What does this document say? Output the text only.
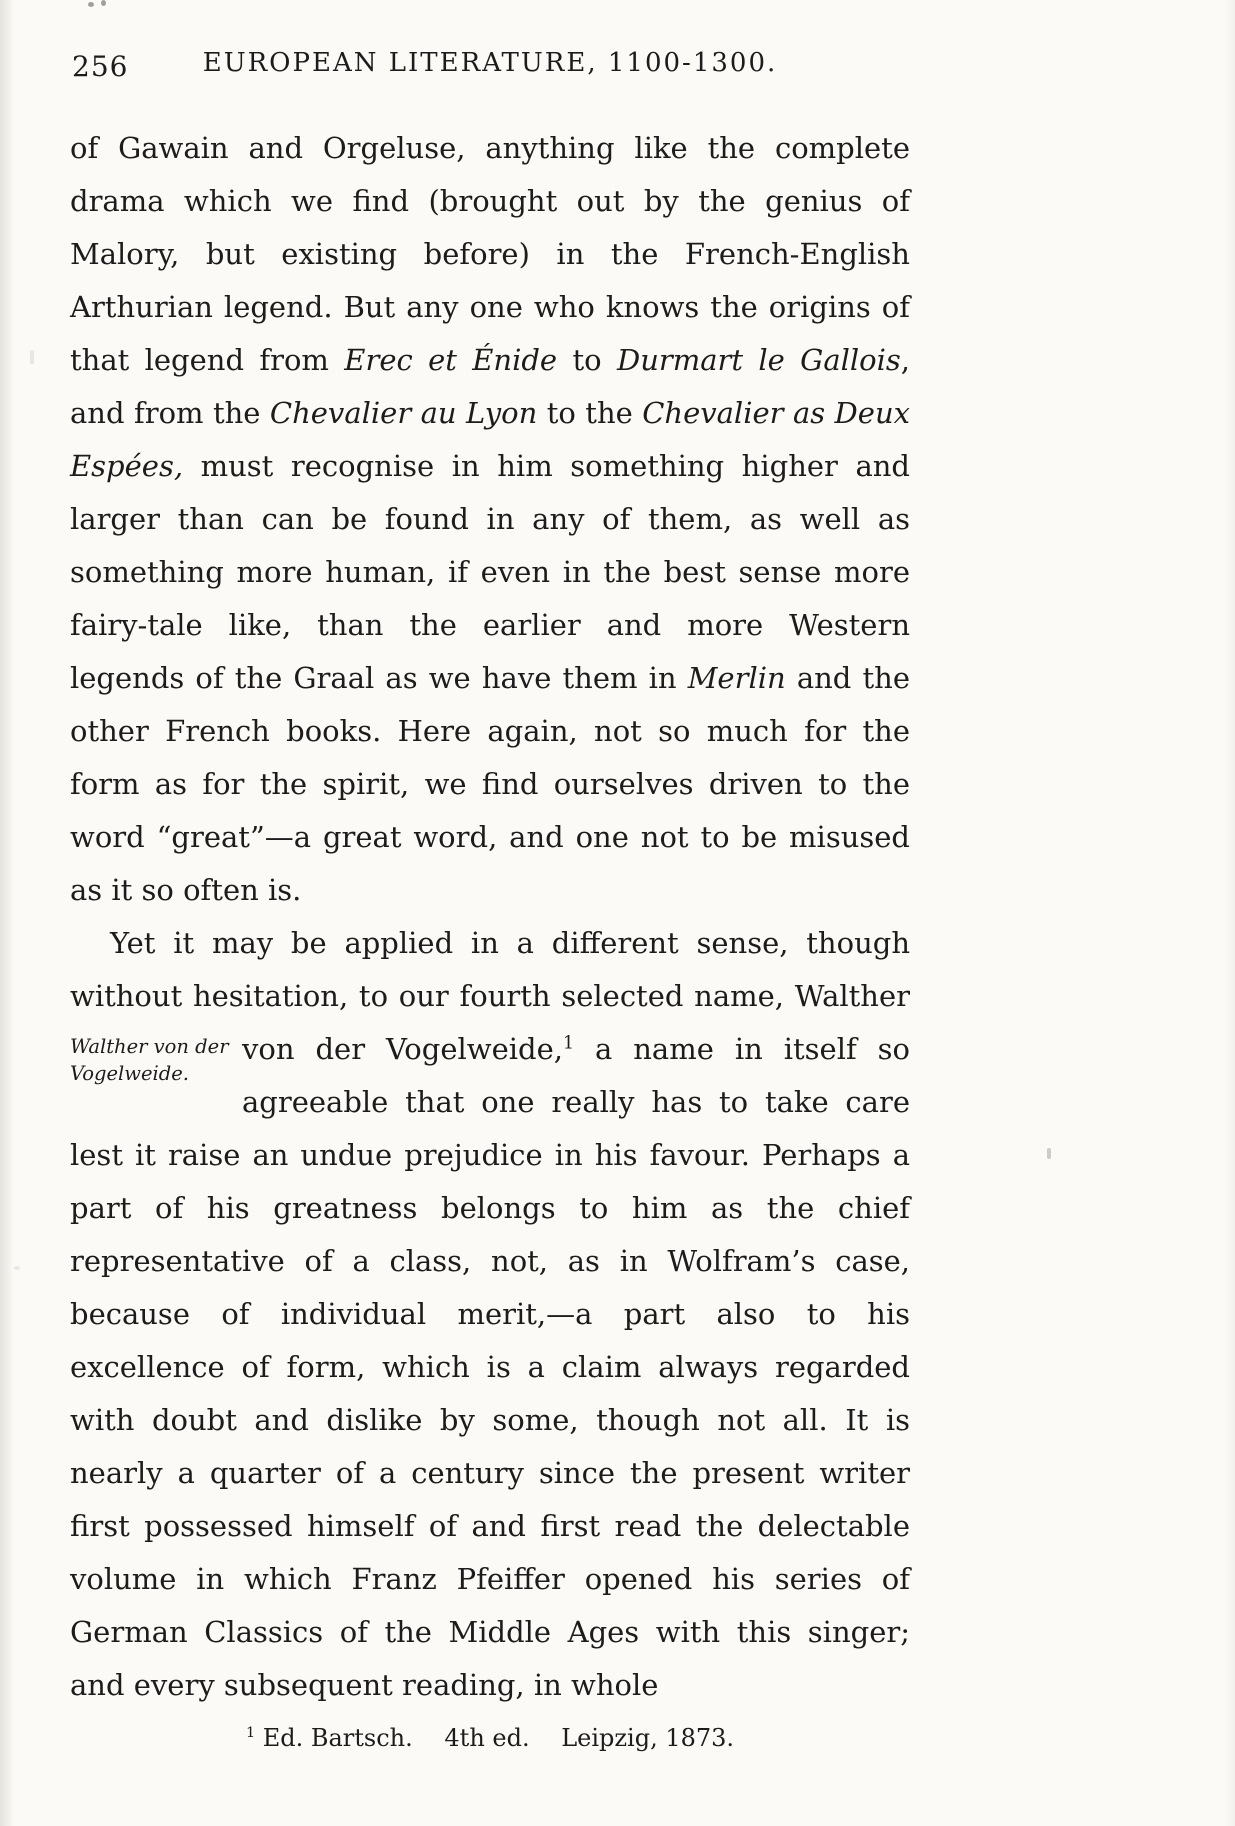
256	EUROPEAN LITERATURE, 1100-1300.

of Gawain and Orgeluse, anything like the complete drama which we find (brought out by the genius of Malory, but existing before) in the French-English Arthurian legend. But any one who knows the origins of that legend from Erec et Énide to Durmart le Gallois, and from the Chevalier au Lyon to the Chevalier as Deux Espées, must recognise in him something higher and larger than can be found in any of them, as well as something more human, if even in the best sense more fairy-tale like, than the earlier and more Western legends of the Graal as we have them in Merlin and the other French books. Here again, not so much for the form as for the spirit, we find ourselves driven to the word “great”—a great word, and one not to be misused as it so often is.

Yet it may be applied in a different sense, though without hesitation, to our fourth selected name,
Walther von der Vogelweide.
Walther von der Vogelweide,$^1$ a name in itself so agreeable that one really has to take care lest it raise an undue prejudice in his favour. Perhaps a part of his greatness belongs to him as the chief representative of a class, not, as in Wolfram’s case, because of individual merit,—a part also to his excellence of form, which is a claim always regarded with doubt and dislike by some, though not all. It is nearly a quarter of a century since the present writer first possessed himself of and first read the delectable volume in which Franz Pfeiffer opened his series of German Classics of the Middle Ages with this singer; and every subsequent reading, in whole

$^1$ Ed. Bartsch.  4th ed.  Leipzig, 1873.
